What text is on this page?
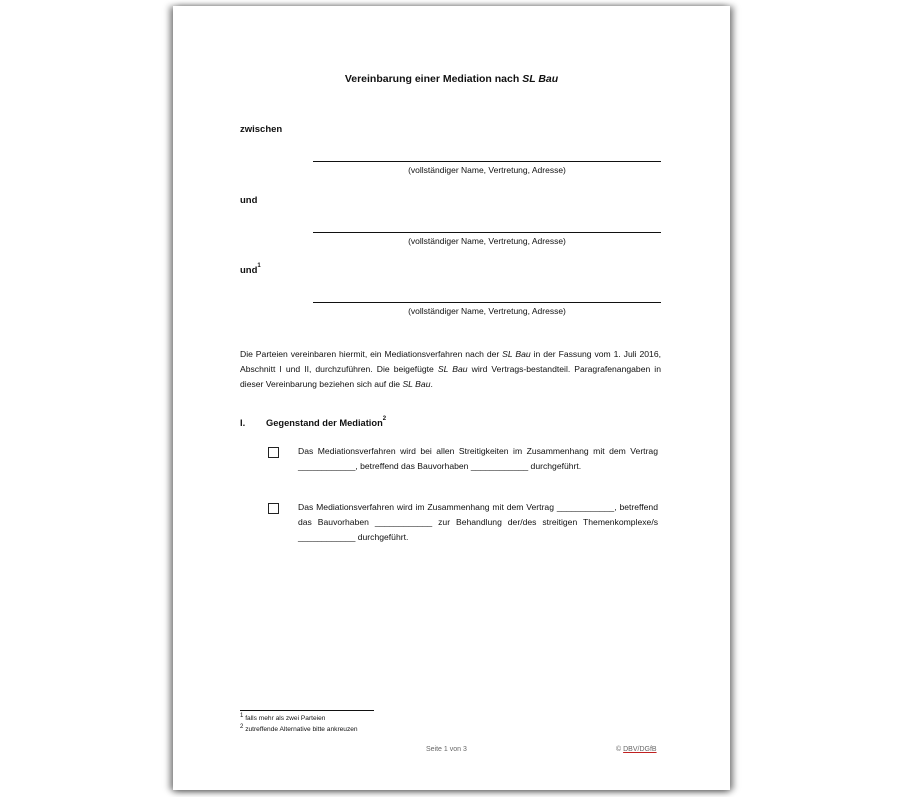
Vereinbarung einer Mediation nach SL Bau

zwischen

(vollständiger Name, Vertretung, Adresse)

und

(vollständiger Name, Vertretung, Adresse)

und$^1$

(vollständiger Name, Vertretung, Adresse)

Die Parteien vereinbaren hiermit, ein Mediationsverfahren nach der SL Bau in der Fassung vom 1. Juli 2016, Abschnitt I und II, durchzuführen. Die beigefügte SL Bau wird Vertrags-bestandteil. Paragrafenangaben in dieser Vereinbarung beziehen sich auf die SL Bau.

I. Gegenstand der Mediation$^2$

Das Mediationsverfahren wird bei allen Streitigkeiten im Zusammenhang mit dem Vertrag ____________, betreffend das Bauvorhaben ____________ durchgeführt.

Das Mediationsverfahren wird im Zusammenhang mit dem Vertrag ____________, betreffend das Bauvorhaben ____________ zur Behandlung der/des streitigen Themenkomplexe/s ____________ durchgeführt.

$^1$ falls mehr als zwei Parteien

$^2$ zutreffende Alternative bitte ankreuzen

Seite 1 von 3	© DBV/DGfB
